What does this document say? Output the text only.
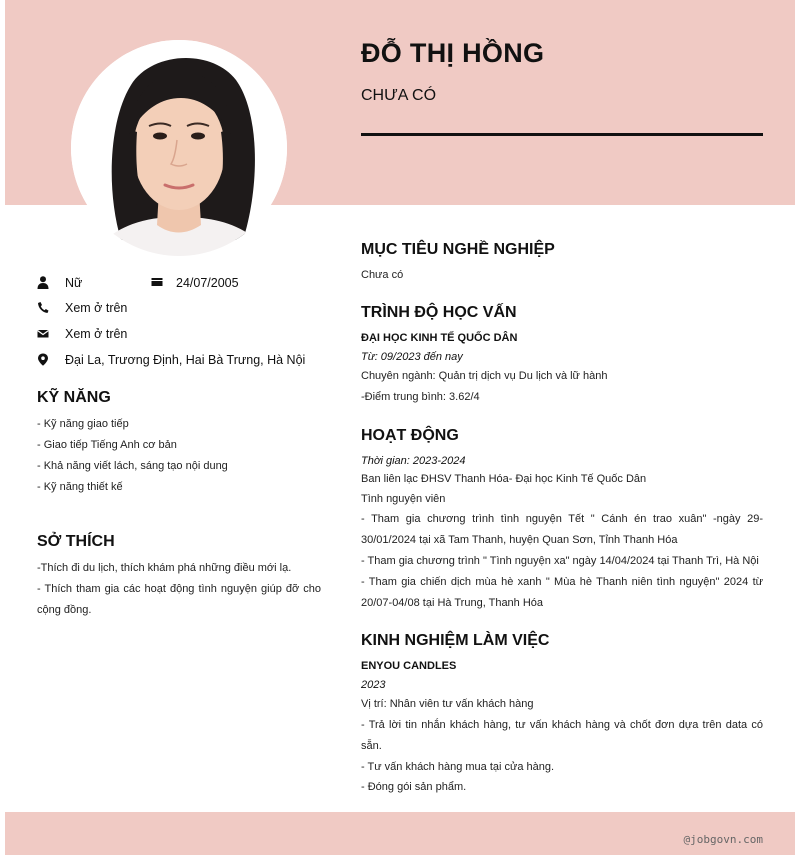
ĐỖ THỊ HỒNG
CHƯA CÓ
Nữ	24/07/2005
Xem ở trên
Xem ở trên
Đại La, Trương Định, Hai Bà Trưng, Hà Nội
KỸ NĂNG
- Kỹ năng giao tiếp
- Giao tiếp Tiếng Anh cơ bản
- Khả năng viết lách, sáng tạo nội dung
- Kỹ năng thiết kế
SỞ THÍCH
-Thích đi du lịch, thích khám phá những điều mới lạ.
- Thích tham gia các hoạt động tình nguyện giúp đỡ cho cộng đồng.
MỤC TIÊU NGHỀ NGHIỆP
Chưa có
TRÌNH ĐỘ HỌC VẤN
ĐẠI HỌC KINH TẾ QUỐC DÂN
Từ: 09/2023 đến nay
Chuyên ngành: Quản trị dịch vụ Du lịch và lữ hành
-Điểm trung bình: 3.62/4
HOẠT ĐỘNG
Thời gian: 2023-2024
Ban liên lạc ĐHSV Thanh Hóa- Đại học Kinh Tế Quốc Dân
Tình nguyện viên
- Tham gia chương trình tình nguyện Tết " Cánh én trao xuân" -ngày 29-30/01/2024 tại xã Tam Thanh, huyện Quan Sơn, Tỉnh Thanh Hóa
- Tham gia chương trình " Tình nguyện xa" ngày 14/04/2024 tại Thanh Trì, Hà Nội
- Tham gia chiến dịch mùa hè xanh " Mùa hè Thanh niên tình nguyện" 2024 từ 20/07-04/08 tại Hà Trung, Thanh Hóa
KINH NGHIỆM LÀM VIỆC
ENYOU CANDLES
2023
Vị trí: Nhân viên tư vấn khách hàng
- Trả lời tin nhắn khách hàng, tư vấn khách hàng và chốt đơn dựa trên data có sẵn.
- Tư vấn khách hàng mua tại cửa hàng.
- Đóng gói sản phẩm.
@jobgovn.com
